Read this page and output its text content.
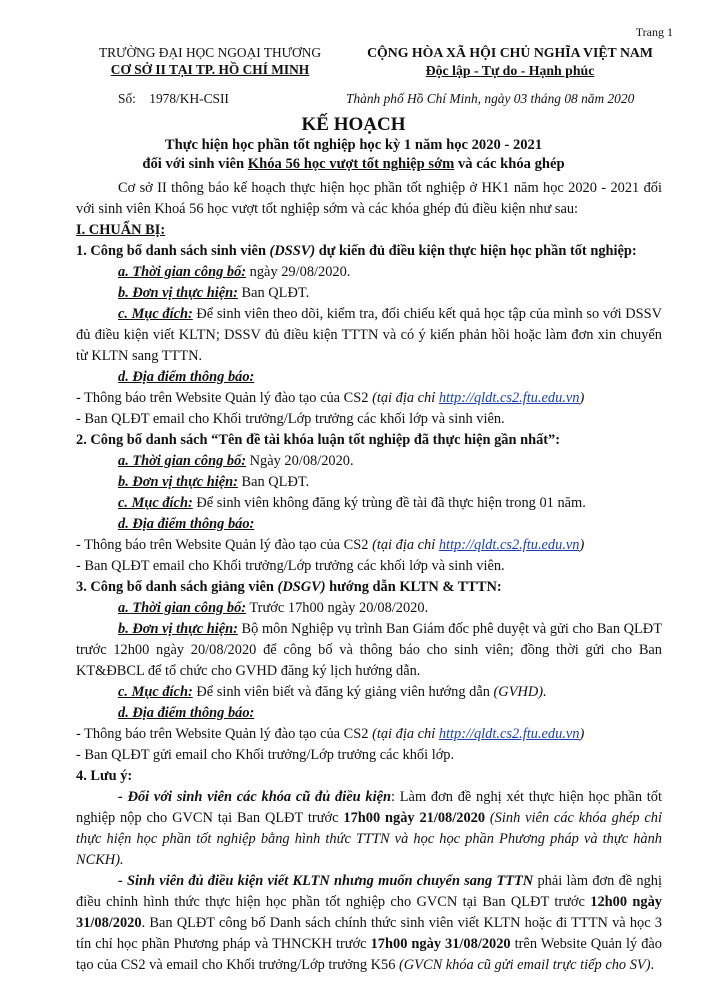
Trang 1
TRƯỜNG ĐẠI HỌC NGOẠI THƯƠNG
CƠ SỞ II TẠI TP. HỒ CHÍ MINH
CỘNG HÒA XÃ HỘI CHỦ NGHĨA VIỆT NAM
Độc lập - Tự do - Hạnh phúc
Số: 1978/KH-CSII	Thành phố Hồ Chí Minh, ngày 03 tháng 08 năm 2020
KẾ HOẠCH
Thực hiện học phần tốt nghiệp học kỳ 1 năm học 2020 - 2021
đối với sinh viên Khóa 56 học vượt tốt nghiệp sớm và các khóa ghép

Cơ sở II thông báo kế hoạch thực hiện học phần tốt nghiệp ở HK1 năm học 2020 - 2021 đối với sinh viên Khoá 56 học vượt tốt nghiệp sớm và các khóa ghép đủ điều kiện như sau:

I. CHUẨN BỊ:

1. Công bố danh sách sinh viên (DSSV) dự kiến đủ điều kiện thực hiện học phần tốt nghiệp:

a. Thời gian công bố: ngày 29/08/2020.

b. Đơn vị thực hiện: Ban QLĐT.

c. Mục đích: Để sinh viên theo dõi, kiểm tra, đối chiếu kết quả học tập của mình so với DSSV đủ điều kiện viết KLTN; DSSV đủ điều kiện TTTN và có ý kiến phản hồi hoặc làm đơn xin chuyển từ KLTN sang TTTN.

d. Địa điểm thông báo:

- Thông báo trên Website Quản lý đào tạo của CS2 (tại địa chỉ http://qldt.cs2.ftu.edu.vn)

- Ban QLĐT email cho Khối trưởng/Lớp trưởng các khối lớp và sinh viên.

2. Công bố danh sách “Tên đề tài khóa luận tốt nghiệp đã thực hiện gần nhất”:

a. Thời gian công bố: Ngày 20/08/2020.

b. Đơn vị thực hiện: Ban QLĐT.

c. Mục đích: Để sinh viên không đăng ký trùng đề tài đã thực hiện trong 01 năm.

d. Địa điểm thông báo:

- Thông báo trên Website Quản lý đào tạo của CS2 (tại địa chỉ http://qldt.cs2.ftu.edu.vn)

- Ban QLĐT email cho Khối trưởng/Lớp trưởng các khối lớp và sinh viên.

3. Công bố danh sách giảng viên (DSGV) hướng dẫn KLTN & TTTN:

a. Thời gian công bố: Trước 17h00 ngày 20/08/2020.

b. Đơn vị thực hiện: Bộ môn Nghiệp vụ trình Ban Giám đốc phê duyệt và gửi cho Ban QLĐT trước 12h00 ngày 20/08/2020 để công bố và thông báo cho sinh viên; đồng thời gửi cho Ban KT&ĐBCL để tổ chức cho GVHD đăng ký lịch hướng dẫn.

c. Mục đích: Để sinh viên biết và đăng ký giảng viên hướng dẫn (GVHD).

d. Địa điểm thông báo:

- Thông báo trên Website Quản lý đào tạo của CS2 (tại địa chỉ http://qldt.cs2.ftu.edu.vn)

- Ban QLĐT gửi email cho Khối trưởng/Lớp trưởng các khối lớp.

4. Lưu ý:

- Đối với sinh viên các khóa cũ đủ điều kiện: Làm đơn đề nghị xét thực hiện học phần tốt nghiệp nộp cho GVCN tại Ban QLĐT trước 17h00 ngày 21/08/2020 (Sinh viên các khóa ghép chỉ thực hiện học phần tốt nghiệp bằng hình thức TTTN và học học phần Phương pháp và thực hành NCKH).

- Sinh viên đủ điều kiện viết KLTN nhưng muốn chuyển sang TTTN phải làm đơn đề nghị điều chỉnh hình thức thực hiện học phần tốt nghiệp cho GVCN tại Ban QLĐT trước 12h00 ngày 31/08/2020. Ban QLĐT công bố Danh sách chính thức sinh viên viết KLTN hoặc đi TTTN và học 3 tín chỉ học phần Phương pháp và THNCKH trước 17h00 ngày 31/08/2020 trên Website Quản lý đào tạo của CS2 và email cho Khối trưởng/Lớp trưởng K56 (GVCN khóa cũ gửi email trực tiếp cho SV).
